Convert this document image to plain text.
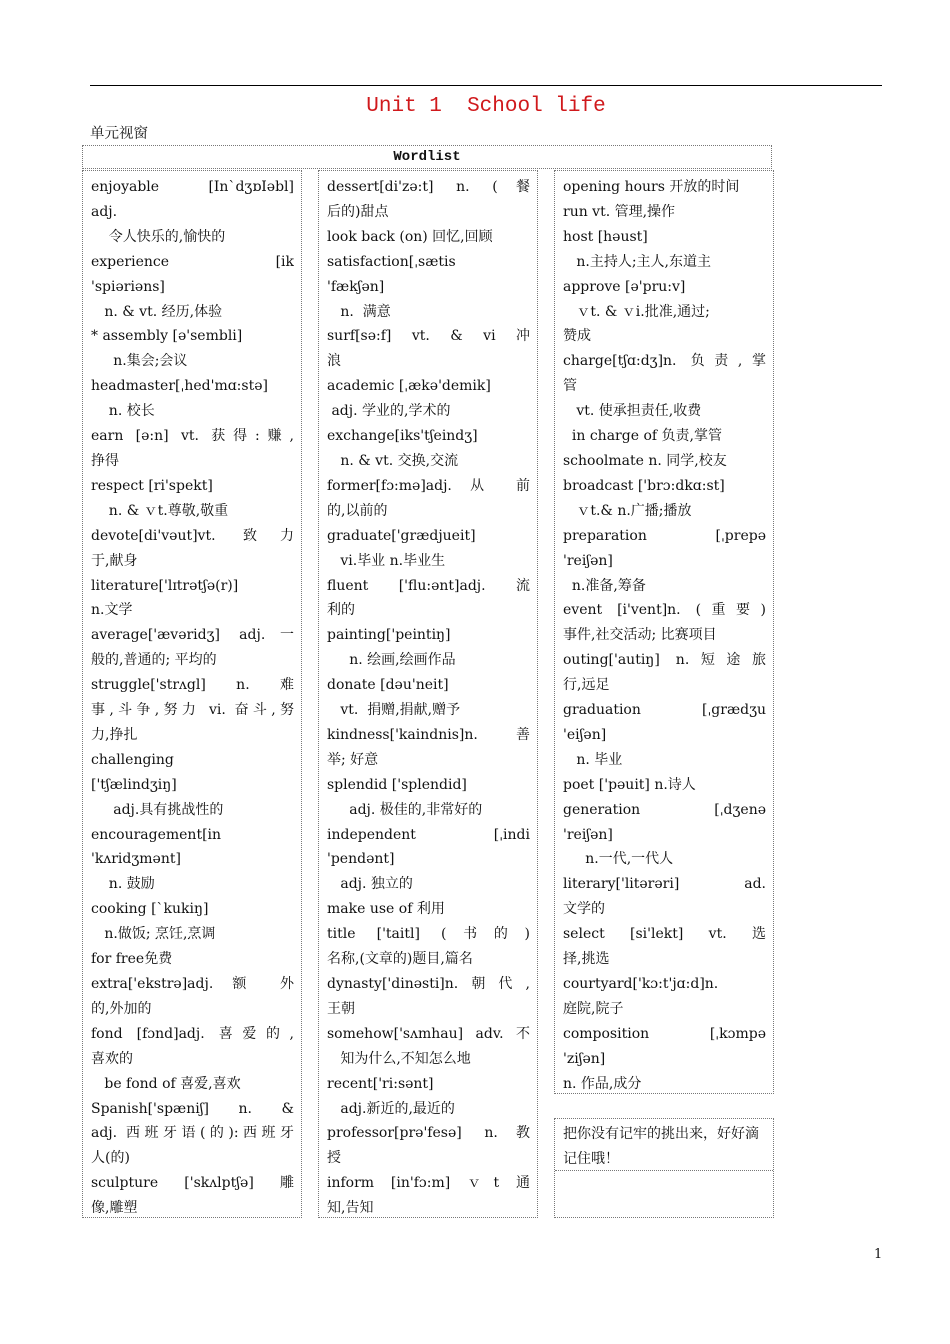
Unit 1  School life
单元视窗
Wordlist
enjoyable [In`dʒɒIəbl]
adj.
令人快乐的,愉快的
experience [ik
'spiəriəns]
n. & vt. 经历,体验
* assembly [ə'sembli]
n.集会;会议
headmaster[ˌhed'mɑ:stə]
n. 校长
earn [ə:n] vt. 获得:赚,
挣得
respect [ri'spekt]
n. & ｖt.尊敬,敬重
devote[di'vəut]vt. 致力
于,献身
literature['lɪtrətʃə(r)]
n.文学
average['ævəridʒ] adj.一
般的,普通的; 平均的
struggle['strʌgl] n. 难
事,斗争,努力 vi. 奋斗,努
力,挣扎
challenging
['tʃælindʒiŋ]
adj.具有挑战性的
encouragement[in
'kʌridʒmənt]
n. 鼓励
cooking [ˋkukiŋ]
n.做饭; 烹饪,烹调
for free免费
extra['ekstrə]adj. 额 外
的,外加的
fond [fɔnd]adj. 喜爱的,
喜欢的
be fond of 喜爱,喜欢
Spanish['spæniʃ] n. &
adj. 西班牙语(的):西班牙
人(的)
sculpture ['skʌlptʃə] 雕
像,雕塑
dessert[di'zə:t] n. (餐
后的)甜点
look back (on) 回忆,回顾
satisfaction[ˌsætis
'fækʃən]
n.  满意
surf[sə:f] vt. & vi 冲
浪
academic [ˌækə'demik]
adj. 学业的,学术的
exchange[iks'tʃeindʒ]
n. & vt. 交换,交流
former[fɔ:mə]adj. 从 前
的,以前的
graduate['grædjueit]
vi.毕业 n.毕业生
fluent ['flu:ənt]adj. 流
利的
painting['peintiŋ]
n. 绘画,绘画作品
donate [dəu'neit]
vt.  捐赠,捐献,赠予
kindness['kaindnis]n. 善
举; 好意
splendid ['splendid]
adj. 极佳的,非常好的
independent [ˌindi
'pendənt]
adj. 独立的
make use of 利用
title ['taitl] (书的)
名称,(文章的)题目,篇名
dynasty['dinəsti]n.朝代,
王朝
somehow['sʌmhau] adv. 不
知为什么,不知怎么地
recent['ri:sənt]
adj.新近的,最近的
professor[prə'fesə] n.教
授
inform [in'fɔ:m] ｖt 通
知,告知
opening hours 开放的时间
run vt. 管理,操作
host [həust]
n.主持人;主人,东道主
approve [ə'pru:v]
ｖt. & ｖi.批准,通过;
赞成
charge[tʃɑ:dʒ]n. 负责,掌
管
vt. 使承担责任,收费
in charge of 负责,掌管
schoolmate n. 同学,校友
broadcast ['brɔ:dkɑ:st]
ｖt.& n.广播;播放
preparation [ˌprepə
'reiʃən]
n.准备,筹备
event [i'vent]n. (重要)
事件,社交活动; 比赛项目
outing['autiŋ] n.短途旅
行,远足
graduation [ˌgrædʒu
'eiʃən]
n. 毕业
poet ['pəuit] n.诗人
generation [ˌdʒenə
'reiʃən]
n.一代,一代人
literary['litərəri] ad.
文学的
select [si'lekt] vt. 选
择,挑选
courtyard['kɔ:t'jɑ:d]n.
庭院,院子
composition [ˌkɔmpə
'ziʃən]
n. 作品,成分
把你没有记牢的挑出来，好好滴记住哦！
1
